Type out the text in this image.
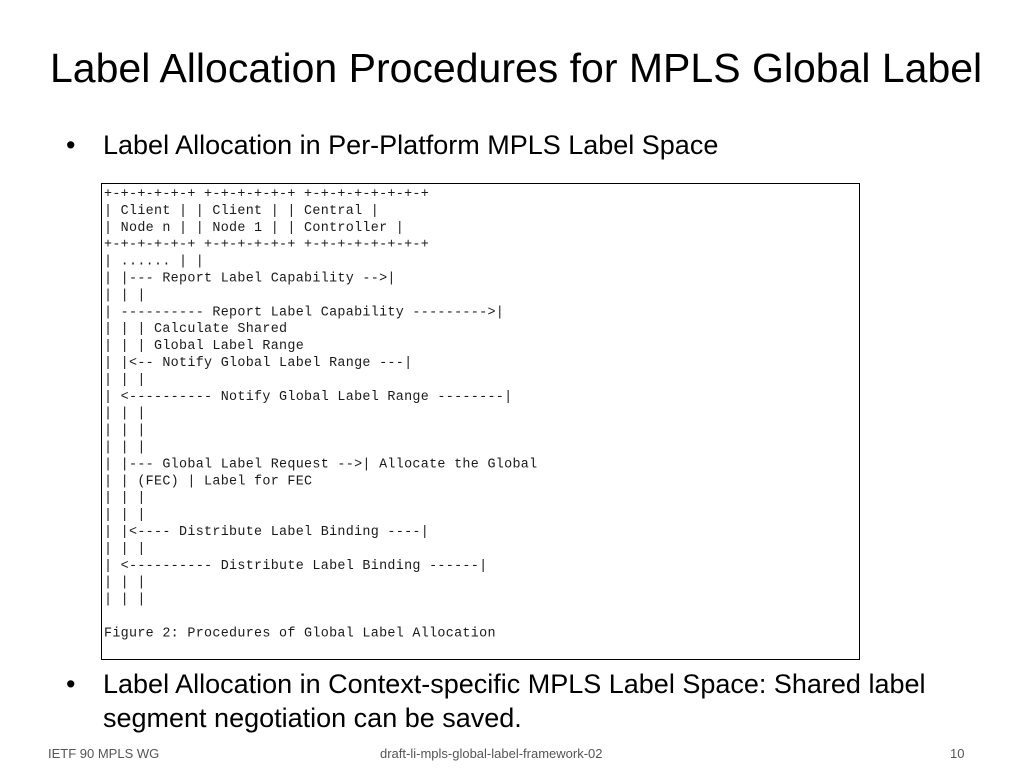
Label Allocation Procedures for MPLS Global Label
• Label Allocation in Per-Platform MPLS Label Space
+-+-+-+-+-+ +-+-+-+-+-+ +-+-+-+-+-+-+-+
| Client | | Client | | Central |
| Node n | | Node 1 | | Controller |
+-+-+-+-+-+ +-+-+-+-+-+ +-+-+-+-+-+-+-+
| ...... | |
| |--- Report Label Capability -->|
| | |
| ---------- Report Label Capability --------->|
| | | Calculate Shared
| | | Global Label Range
| |<-- Notify Global Label Range ---|
| | |
| <---------- Notify Global Label Range --------|
| | |
| | |
| | |
| |--- Global Label Request -->| Allocate the Global
| | (FEC) | Label for FEC
| | |
| | |
| |<---- Distribute Label Binding ----|
| | |
| <---------- Distribute Label Binding ------|
| | |
| | |
Figure 2: Procedures of Global Label Allocation
• Label Allocation in Context-specific MPLS Label Space: Shared label segment negotiation can be saved.
IETF 90 MPLS WG	draft-li-mpls-global-label-framework-02	10
